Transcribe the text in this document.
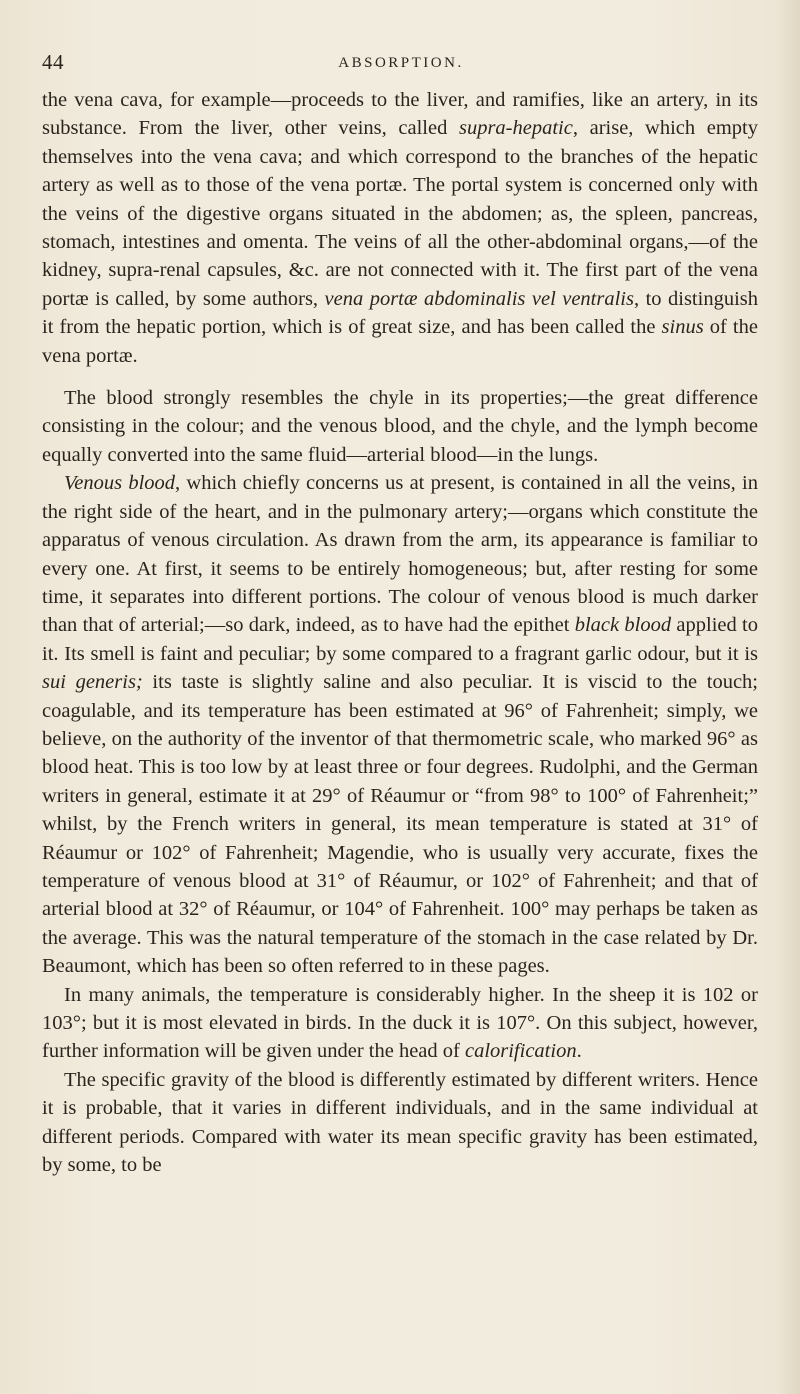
44	ABSORPTION.

the vena cava, for example—proceeds to the liver, and ramifies, like an artery, in its substance. From the liver, other veins, called supra-hepatic, arise, which empty themselves into the vena cava; and which correspond to the branches of the hepatic artery as well as to those of the vena portæ. The portal system is concerned only with the veins of the digestive organs situated in the abdomen; as, the spleen, pancreas, stomach, intestines and omenta. The veins of all the other-abdominal organs,—of the kidney, supra-renal capsules, &c. are not connected with it. The first part of the vena portæ is called, by some authors, vena portæ abdominalis vel ventralis, to distinguish it from the hepatic portion, which is of great size, and has been called the sinus of the vena portæ.

The blood strongly resembles the chyle in its properties;—the great difference consisting in the colour; and the venous blood, and the chyle, and the lymph become equally converted into the same fluid—arterial blood—in the lungs.

Venous blood, which chiefly concerns us at present, is contained in all the veins, in the right side of the heart, and in the pulmonary artery;—organs which constitute the apparatus of venous circulation. As drawn from the arm, its appearance is familiar to every one. At first, it seems to be entirely homogeneous; but, after resting for some time, it separates into different portions. The colour of venous blood is much darker than that of arterial;—so dark, indeed, as to have had the epithet black blood applied to it. Its smell is faint and peculiar; by some compared to a fragrant garlic odour, but it is sui generis; its taste is slightly saline and also peculiar. It is viscid to the touch; coagulable, and its temperature has been estimated at 96° of Fahrenheit; simply, we believe, on the authority of the inventor of that thermometric scale, who marked 96° as blood heat. This is too low by at least three or four degrees. Rudolphi, and the German writers in general, estimate it at 29° of Réaumur or “from 98° to 100° of Fahrenheit;” whilst, by the French writers in general, its mean temperature is stated at 31° of Réaumur or 102° of Fahrenheit; Magendie, who is usually very accurate, fixes the temperature of venous blood at 31° of Réaumur, or 102° of Fahrenheit; and that of arterial blood at 32° of Réaumur, or 104° of Fahrenheit. 100° may perhaps be taken as the average. This was the natural temperature of the stomach in the case related by Dr. Beaumont, which has been so often referred to in these pages.

In many animals, the temperature is considerably higher. In the sheep it is 102 or 103°; but it is most elevated in birds. In the duck it is 107°. On this subject, however, further information will be given under the head of calorification.

The specific gravity of the blood is differently estimated by different writers. Hence it is probable, that it varies in different individuals, and in the same individual at different periods. Compared with water its mean specific gravity has been estimated, by some, to be
